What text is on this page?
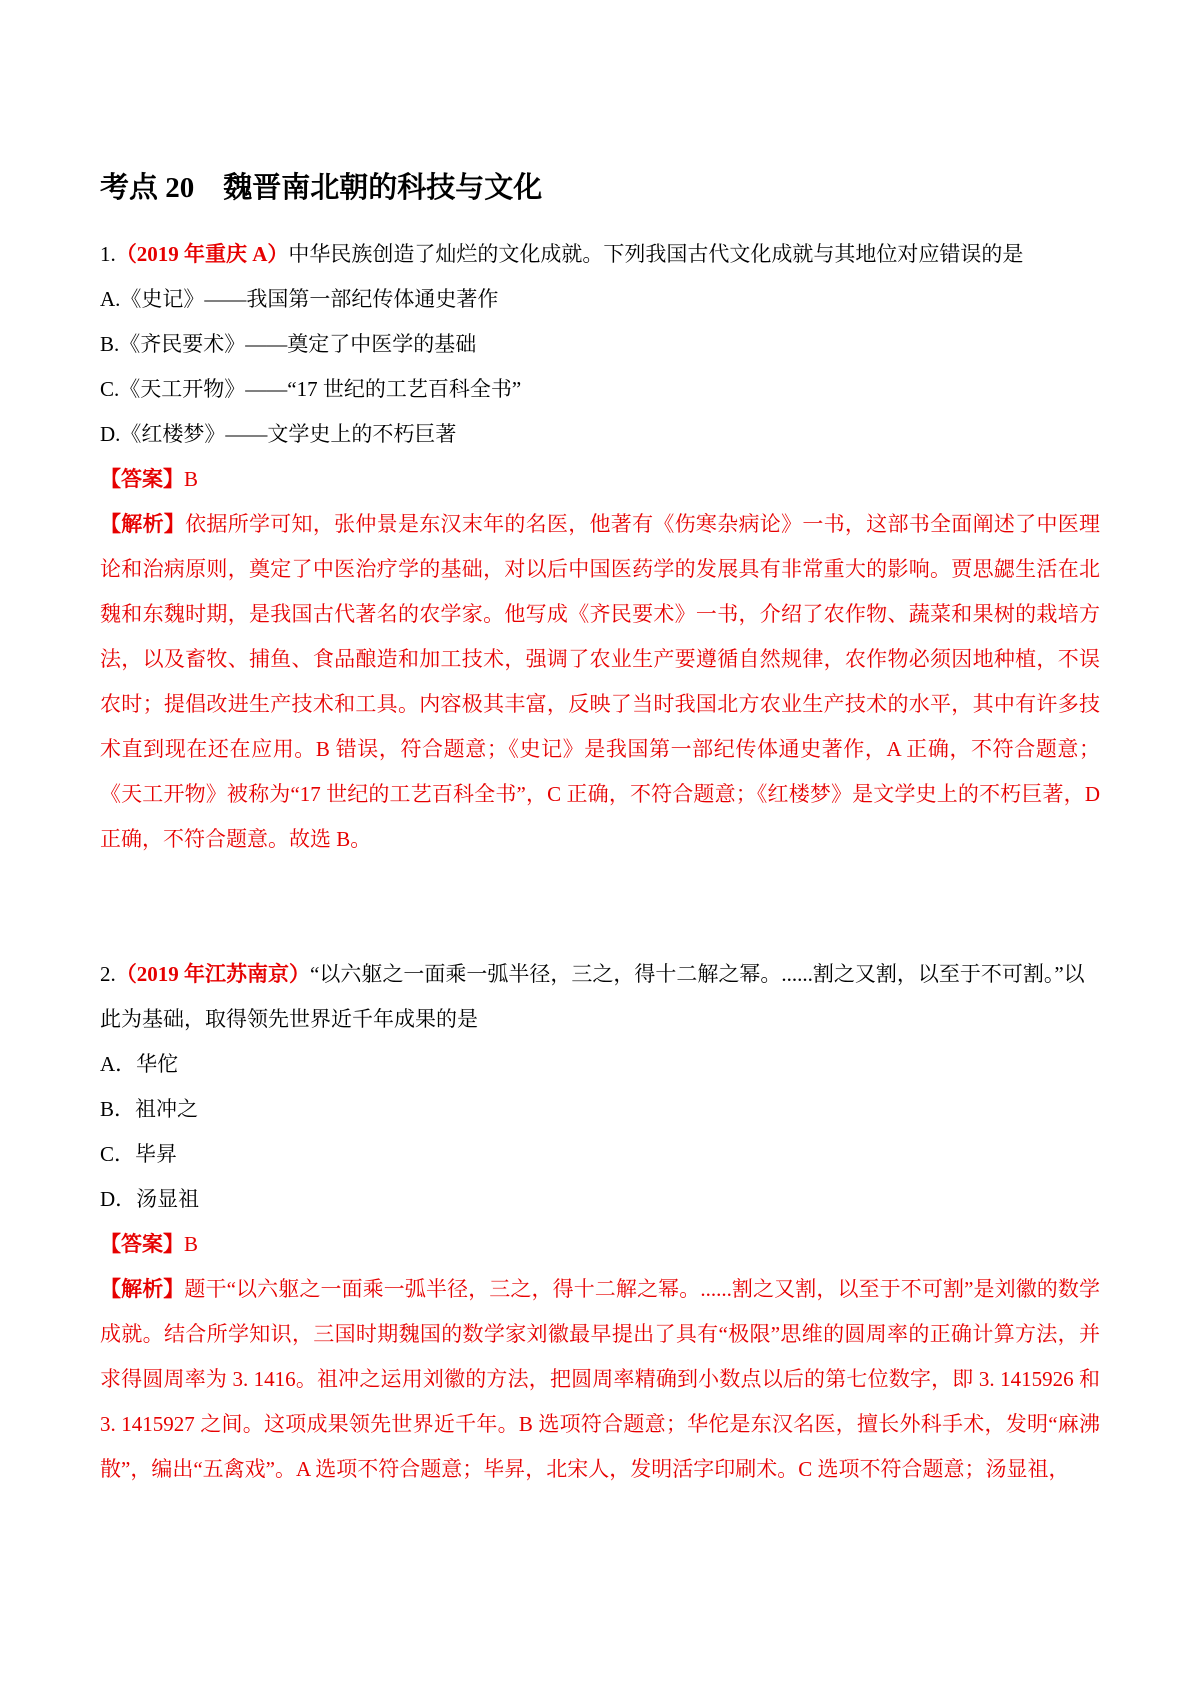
考点 20　魏晋南北朝的科技与文化

1.（2019 年重庆 A）中华民族创造了灿烂的文化成就。下列我国古代文化成就与其地位对应错误的是

A.《史记》——我国第一部纪传体通史著作

B.《齐民要术》——奠定了中医学的基础

C.《天工开物》——“17 世纪的工艺百科全书”

D.《红楼梦》——文学史上的不朽巨著

【答案】B

【解析】依据所学可知，张仲景是东汉末年的名医，他著有《伤寒杂病论》一书，这部书全面阐述了中医理论和治病原则，奠定了中医治疗学的基础，对以后中国医药学的发展具有非常重大的影响。贾思勰生活在北魏和东魏时期，是我国古代著名的农学家。他写成《齐民要术》一书，介绍了农作物、蔬菜和果树的栽培方法，以及畜牧、捕鱼、食品酿造和加工技术，强调了农业生产要遵循自然规律，农作物必须因地种植，不误农时；提倡改进生产技术和工具。内容极其丰富，反映了当时我国北方农业生产技术的水平，其中有许多技术直到现在还在应用。B 错误，符合题意；《史记》是我国第一部纪传体通史著作，A 正确，不符合题意；《天工开物》被称为“17 世纪的工艺百科全书”，C 正确，不符合题意；《红楼梦》是文学史上的不朽巨著，D 正确，不符合题意。故选 B。

2.（2019 年江苏南京）“以六躯之一面乘一弧半径，三之，得十二解之幂。......割之又割，以至于不可割。”以此为基础，取得领先世界近千年成果的是

A．华佗

B．祖冲之

C．毕昇

D．汤显祖

【答案】B

【解析】题干“以六躯之一面乘一弧半径，三之，得十二解之幂。......割之又割，以至于不可割”是刘徽的数学成就。结合所学知识，三国时期魏国的数学家刘徽最早提出了具有“极限”思维的圆周率的正确计算方法，并求得圆周率为 3. 1416。祖冲之运用刘徽的方法，把圆周率精确到小数点以后的第七位数字，即 3. 1415926 和 3. 1415927 之间。这项成果领先世界近千年。B 选项符合题意；华佗是东汉名医，擅长外科手术，发明“麻沸散”，编出“五禽戏”。A 选项不符合题意；毕昇，北宋人，发明活字印刷术。C 选项不符合题意；汤显祖，
